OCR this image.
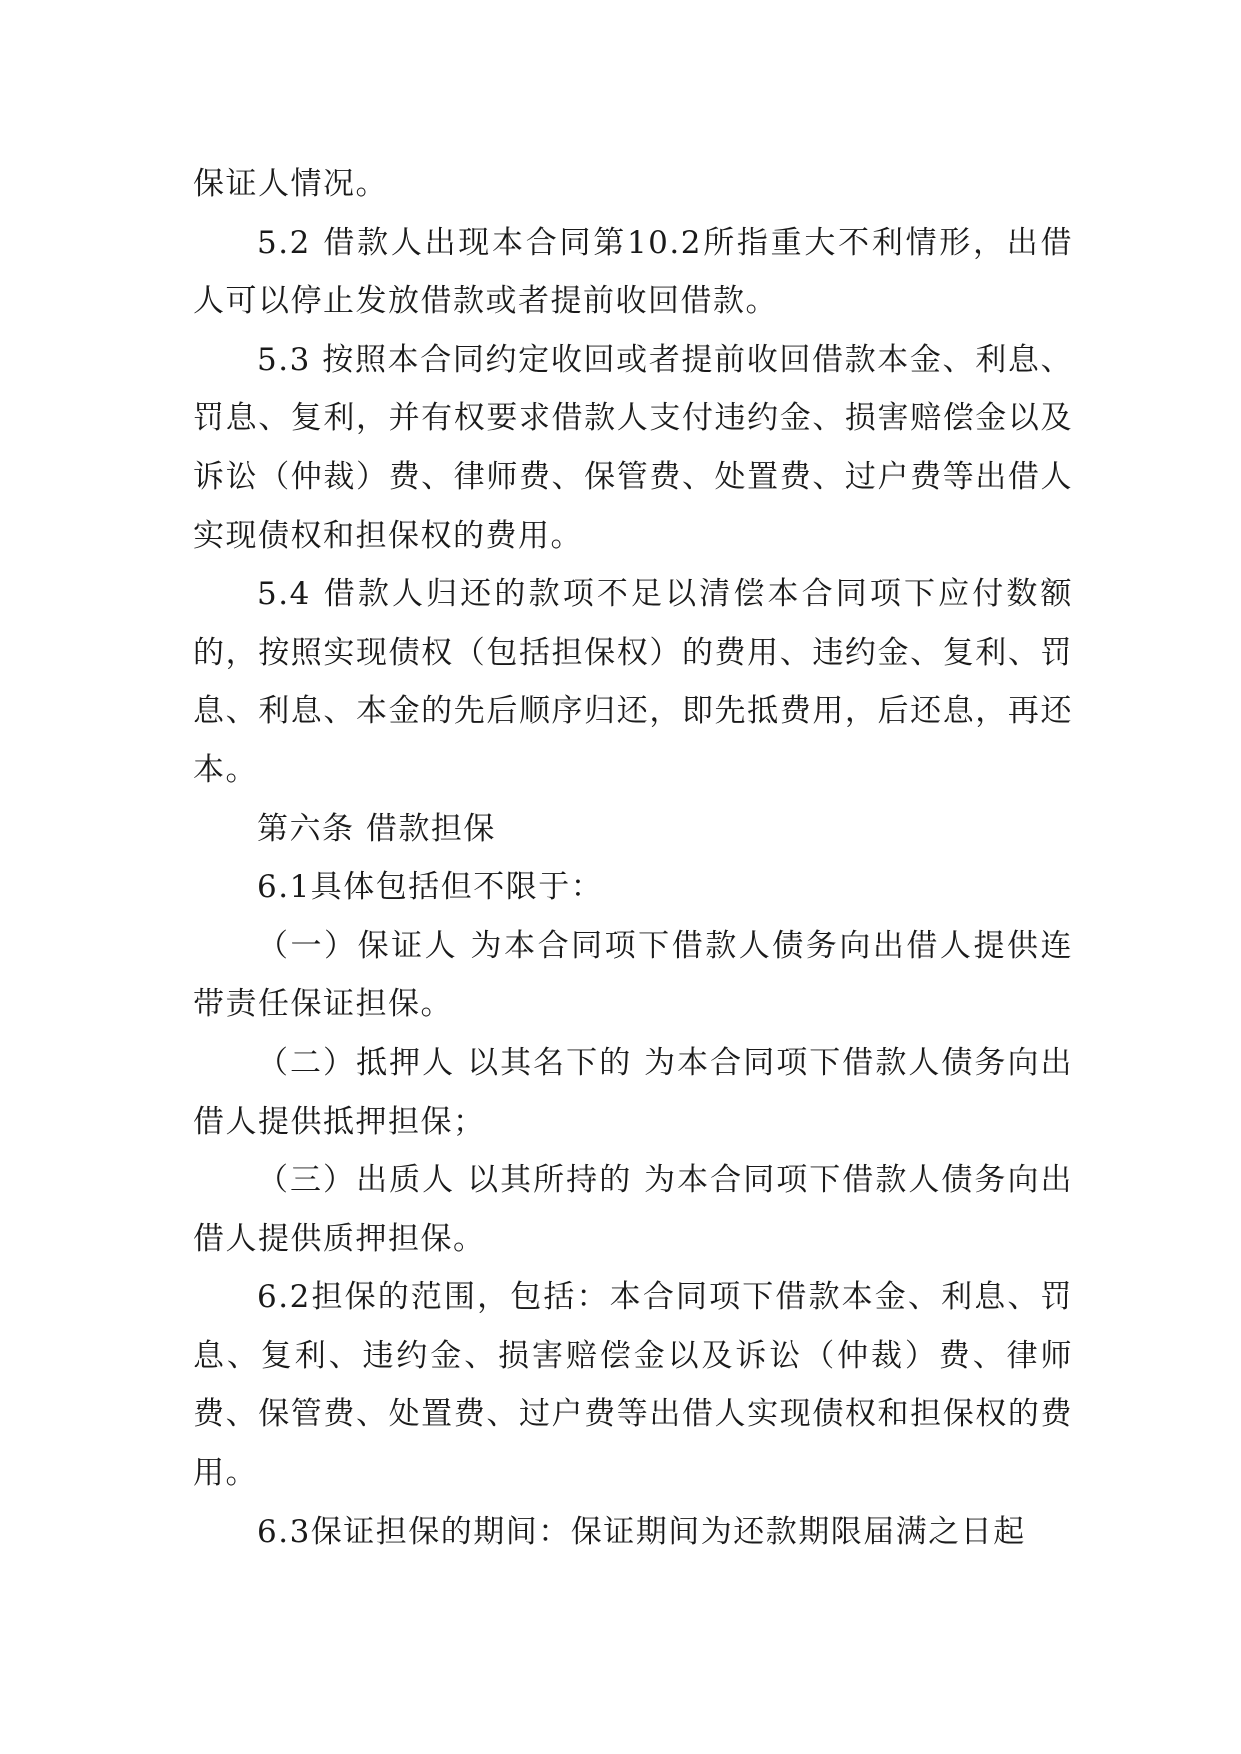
保证人情况。

5.2 借款人出现本合同第10.2所指重大不利情形，出借人可以停止发放借款或者提前收回借款。

5.3 按照本合同约定收回或者提前收回借款本金、利息、罚息、复利，并有权要求借款人支付违约金、损害赔偿金以及诉讼（仲裁）费、律师费、保管费、处置费、过户费等出借人实现债权和担保权的费用。

5.4 借款人归还的款项不足以清偿本合同项下应付数额的，按照实现债权（包括担保权）的费用、违约金、复利、罚息、利息、本金的先后顺序归还，即先抵费用，后还息，再还本。

第六条 借款担保

6.1具体包括但不限于：

（一）保证人 为本合同项下借款人债务向出借人提供连带责任保证担保。

（二）抵押人 以其名下的 为本合同项下借款人债务向出借人提供抵押担保；

（三）出质人 以其所持的 为本合同项下借款人债务向出借人提供质押担保。

6.2担保的范围，包括：本合同项下借款本金、利息、罚息、复利、违约金、损害赔偿金以及诉讼（仲裁）费、律师费、保管费、处置费、过户费等出借人实现债权和担保权的费用。

6.3保证担保的期间：保证期间为还款期限届满之日起
